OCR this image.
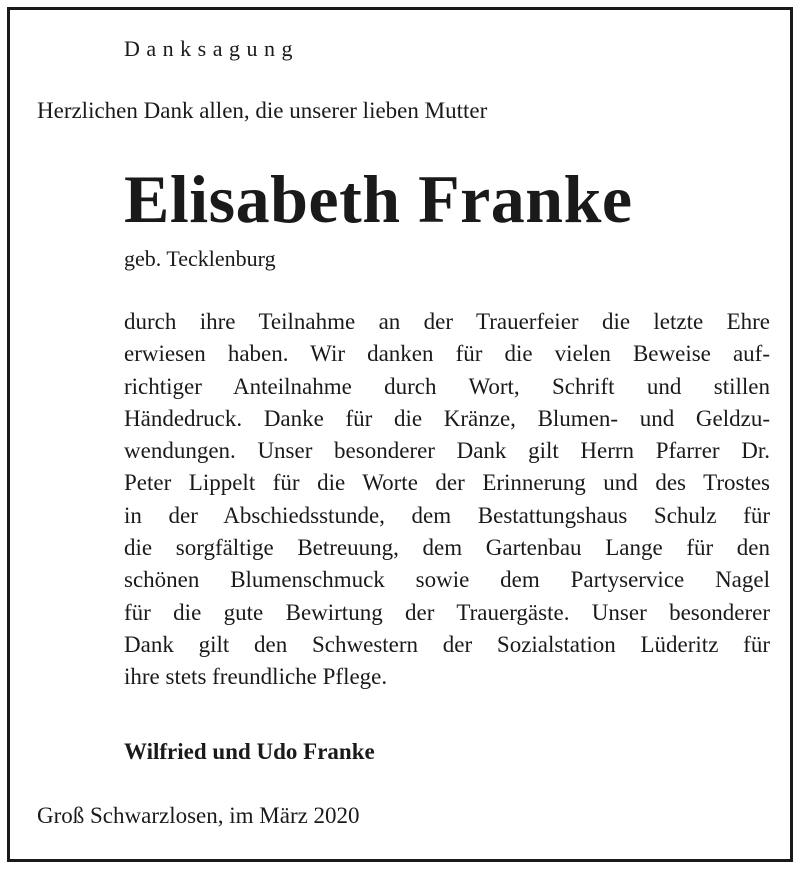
Danksagung

Herzlichen Dank allen, die unserer lieben Mutter

Elisabeth Franke

geb. Tecklenburg

durch ihre Teilnahme an der Trauerfeier die letzte Ehre
erwiesen haben. Wir danken für die vielen Beweise auf-
richtiger Anteilnahme durch Wort, Schrift und stillen
Händedruck. Danke für die Kränze, Blumen- und Geldzu-
wendungen. Unser besonderer Dank gilt Herrn Pfarrer Dr.
Peter Lippelt für die Worte der Erinnerung und des Trostes
in der Abschiedsstunde, dem Bestattungshaus Schulz für
die sorgfältige Betreuung, dem Gartenbau Lange für den
schönen Blumenschmuck sowie dem Partyservice Nagel
für die gute Bewirtung der Trauergäste. Unser besonderer
Dank gilt den Schwestern der Sozialstation Lüderitz für
ihre stets freundliche Pflege.

Wilfried und Udo Franke

Groß Schwarzlosen, im März 2020
